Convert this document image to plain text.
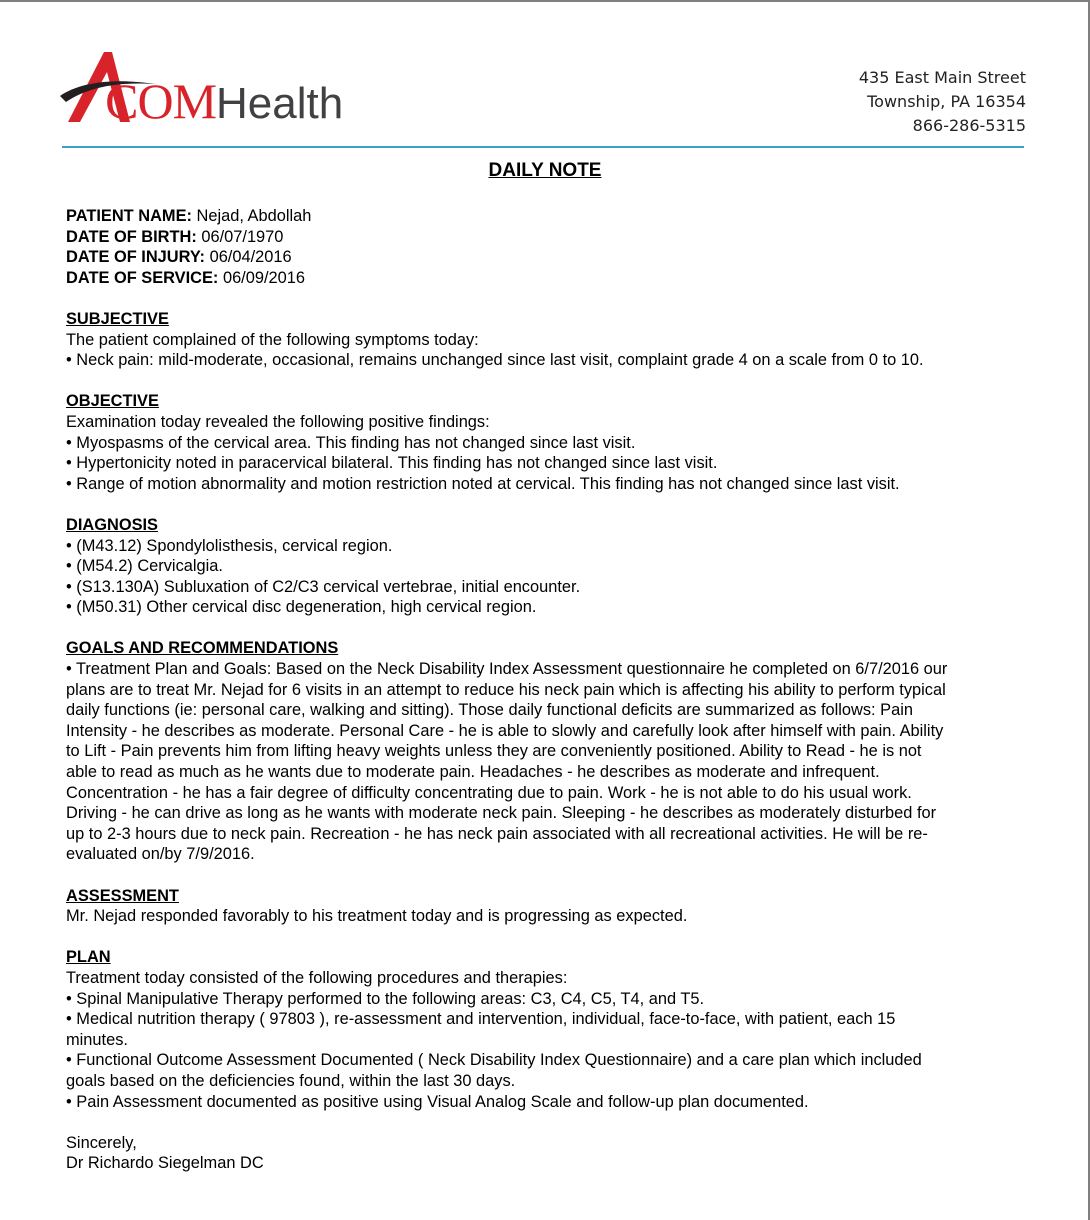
COMHealth
435 East Main Street
Township, PA 16354
866-286-5315
DAILY NOTE

PATIENT NAME: Nejad, Abdollah

DATE OF BIRTH: 06/07/1970

DATE OF INJURY: 06/04/2016

DATE OF SERVICE: 06/09/2016

SUBJECTIVE

The patient complained of the following symptoms today:

• Neck pain: mild-moderate, occasional, remains unchanged since last visit, complaint grade 4 on a scale from 0 to 10.

OBJECTIVE

Examination today revealed the following positive findings:

• Myospasms of the cervical area. This finding has not changed since last visit.

• Hypertonicity noted in paracervical bilateral. This finding has not changed since last visit.

• Range of motion abnormality and motion restriction noted at cervical. This finding has not changed since last visit.

DIAGNOSIS

• (M43.12) Spondylolisthesis, cervical region.

• (M54.2) Cervicalgia.

• (S13.130A) Subluxation of C2/C3 cervical vertebrae, initial encounter.

• (M50.31) Other cervical disc degeneration, high cervical region.

GOALS AND RECOMMENDATIONS

• Treatment Plan and Goals: Based on the Neck Disability Index Assessment questionnaire he completed on 6/7/2016 our

plans are to treat Mr. Nejad for 6 visits in an attempt to reduce his neck pain which is affecting his ability to perform typical

daily functions (ie: personal care, walking and sitting). Those daily functional deficits are summarized as follows: Pain

Intensity - he describes as moderate. Personal Care - he is able to slowly and carefully look after himself with pain. Ability

to Lift - Pain prevents him from lifting heavy weights unless they are conveniently positioned. Ability to Read - he is not

able to read as much as he wants due to moderate pain. Headaches - he describes as moderate and infrequent.

Concentration - he has a fair degree of difficulty concentrating due to pain. Work - he is not able to do his usual work.

Driving - he can drive as long as he wants with moderate neck pain. Sleeping - he describes as moderately disturbed for

up to 2-3 hours due to neck pain. Recreation - he has neck pain associated with all recreational activities. He will be re-

evaluated on/by 7/9/2016.

ASSESSMENT

Mr. Nejad responded favorably to his treatment today and is progressing as expected.

PLAN

Treatment today consisted of the following procedures and therapies:

• Spinal Manipulative Therapy performed to the following areas: C3, C4, C5, T4, and T5.

• Medical nutrition therapy ( 97803 ), re-assessment and intervention, individual, face-to-face, with patient, each 15

minutes.

• Functional Outcome Assessment Documented ( Neck Disability Index Questionnaire) and a care plan which included

goals based on the deficiencies found, within the last 30 days.

• Pain Assessment documented as positive using Visual Analog Scale and follow-up plan documented.

Sincerely,

Dr Richardo Siegelman DC
